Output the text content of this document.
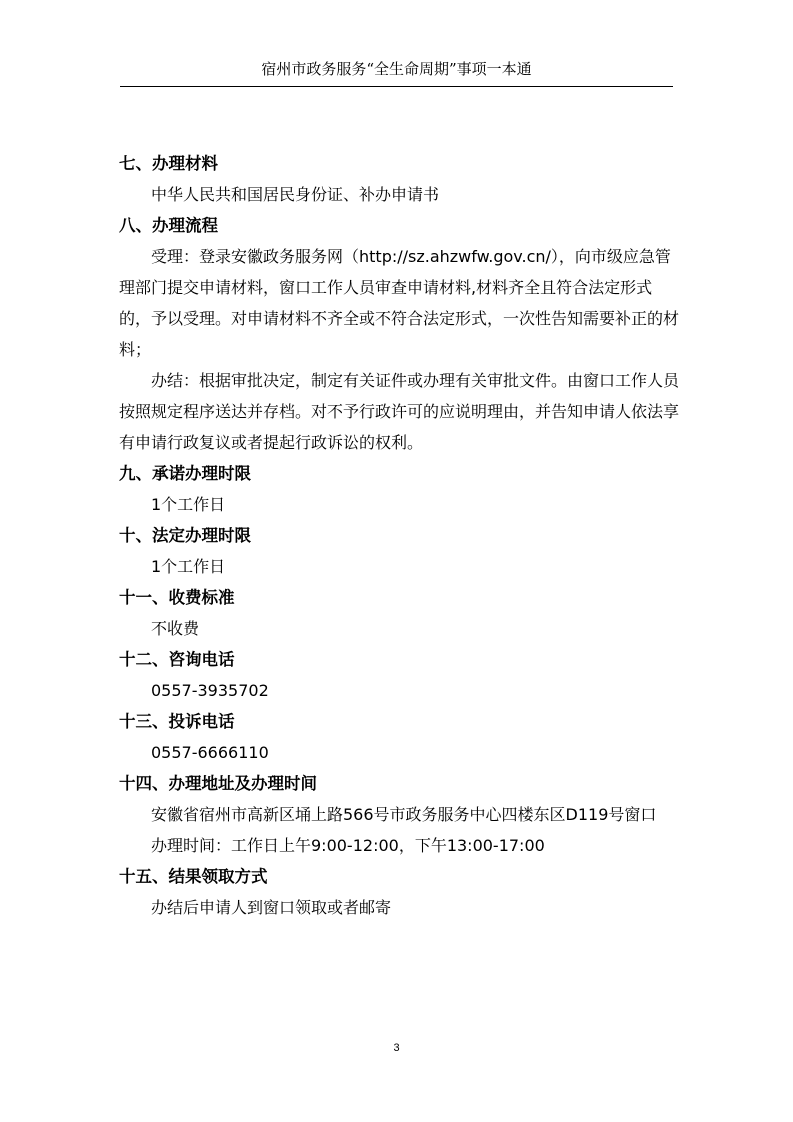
宿州市政务服务“全生命周期”事项一本通
七、办理材料
中华人民共和国居民身份证、补办申请书
八、办理流程
受理：登录安徽政务服务网（http://sz.ahzwfw.gov.cn/），向市级应急管理部门提交申请材料，窗口工作人员审查申请材料,材料齐全且符合法定形式的，予以受理。对申请材料不齐全或不符合法定形式，一次性告知需要补正的材料；
办结：根据审批决定，制定有关证件或办理有关审批文件。由窗口工作人员按照规定程序送达并存档。对不予行政许可的应说明理由，并告知申请人依法享有申请行政复议或者提起行政诉讼的权利。
九、承诺办理时限
1个工作日
十、法定办理时限
1个工作日
十一、收费标准
不收费
十二、咨询电话
0557-3935702
十三、投诉电话
0557-6666110
十四、办理地址及办理时间
安徽省宿州市高新区埇上路566号市政务服务中心四楼东区D119号窗口
办理时间：工作日上午9:00-12:00，下午13:00-17:00
十五、结果领取方式
办结后申请人到窗口领取或者邮寄
3
